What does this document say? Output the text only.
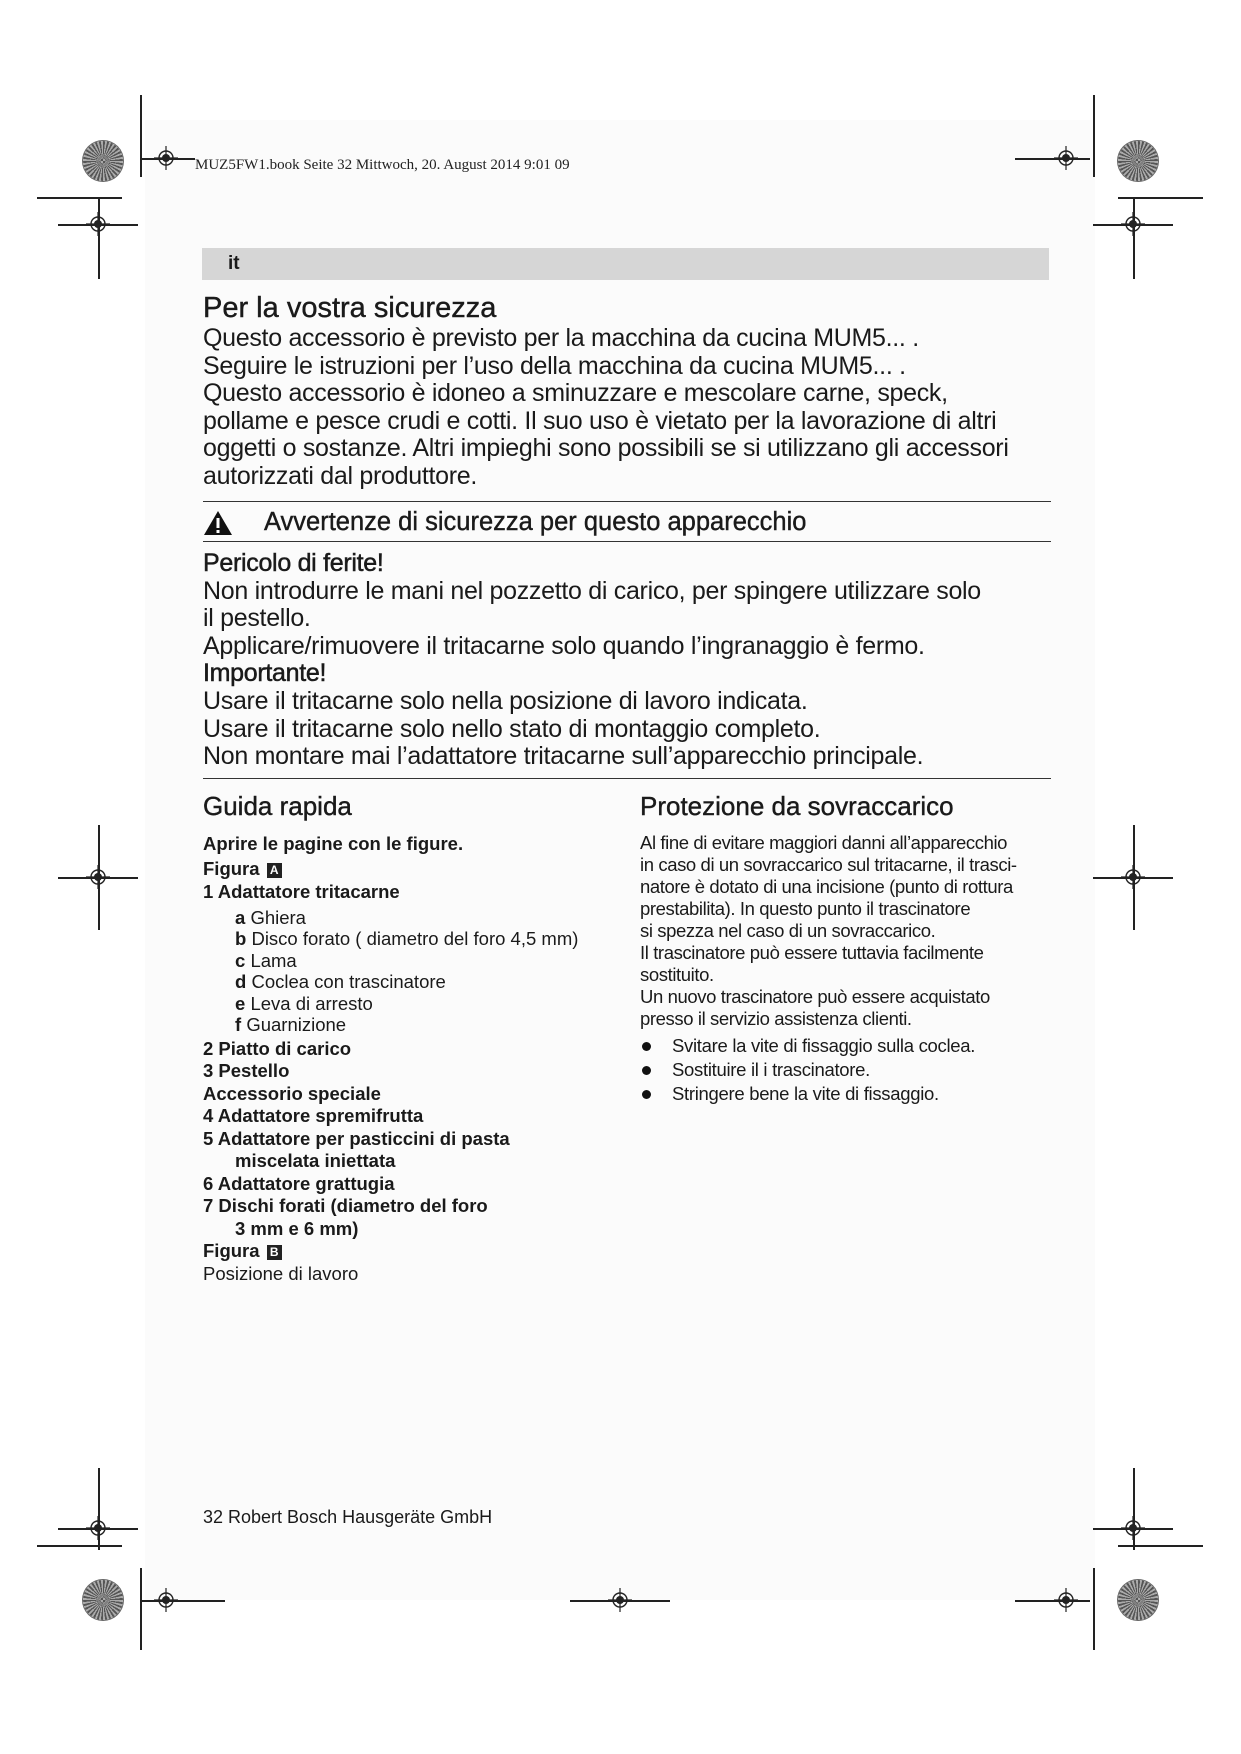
MUZ5FW1.book Seite 32 Mittwoch, 20. August 2014 9:01 09
it
Per la vostra sicurezza

Questo accessorio è previsto per la macchina da cucina MUM5... .

Seguire le istruzioni per l’uso della macchina da cucina MUM5... .

Questo accessorio è idoneo a sminuzzare e mescolare carne, speck,

pollame e pesce crudi e cotti. Il suo uso è vietato per la lavorazione di altri

oggetti o sostanze. Altri impieghi sono possibili se si utilizzano gli accessori

autorizzati dal produttore.

Avvertenze di sicurezza per questo apparecchio

Pericolo di ferite!

Non introdurre le mani nel pozzetto di carico, per spingere utilizzare solo

il pestello.

Applicare/rimuovere il tritacarne solo quando l’ingranaggio è fermo.

Importante!

Usare il tritacarne solo nella posizione di lavoro indicata.

Usare il tritacarne solo nello stato di montaggio completo.

Non montare mai l’adattatore tritacarne sull’apparecchio principale.

Guida rapida
Aprire le pagine con le figure.
Figura A
1 Adattatore tritacarne
a Ghiera
b Disco forato ( diametro del foro 4,5 mm)
c Lama
d Coclea con trascinatore
e Leva di arresto
f Guarnizione
2 Piatto di carico
3 Pestello
Accessorio speciale
4 Adattatore spremifrutta
5 Adattatore per pasticcini di pasta
miscelata iniettata
6 Adattatore grattugia
7 Dischi forati (diametro del foro
3 mm e 6 mm)
Figura B
Posizione di lavoro
Protezione da sovraccarico

Al fine di evitare maggiori danni all’apparecchio

in caso di un sovraccarico sul tritacarne, il trasci-

natore è dotato di una incisione (punto di rottura

prestabilita). In questo punto il trascinatore

si spezza nel caso di un sovraccarico.

Il trascinatore può essere tuttavia facilmente

sostituito.

Un nuovo trascinatore può essere acquistato

presso il servizio assistenza clienti.

Svitare la vite di fissaggio sulla coclea.
Sostituire il i trascinatore.
Stringere bene la vite di fissaggio.
32 Robert Bosch Hausgeräte GmbH
